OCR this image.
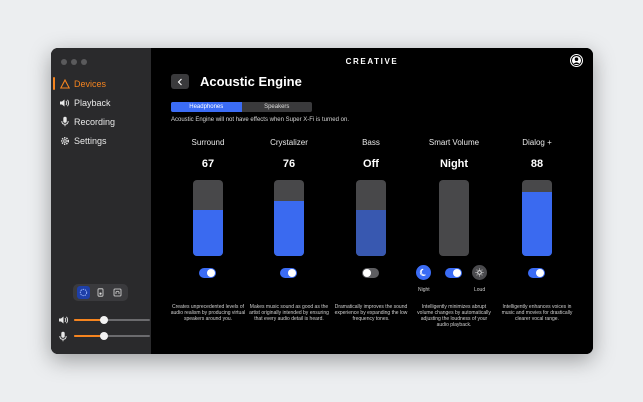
Devices
Playback
Recording
Settings
CREATIVE
Acoustic Engine
Headphones	Speakers
Acoustic Engine will not have effects when Super X-Fi is turned on.
Surround
67
Creates unprecedented levels of audio realism by producing virtual speakers around you.
Crystalizer
76
Makes music sound as good as the artist originally intended by ensuring that every audio detail is heard.
Bass
Off
Dramatically improves the sound experience by expanding the low frequency tones.
Smart Volume
Night
Night	Loud
Intelligently minimizes abrupt volume changes by automatically adjusting the loudness of your audio playback.
Dialog +
88
Intelligently enhances voices in music and movies for drastically clearer vocal range.
